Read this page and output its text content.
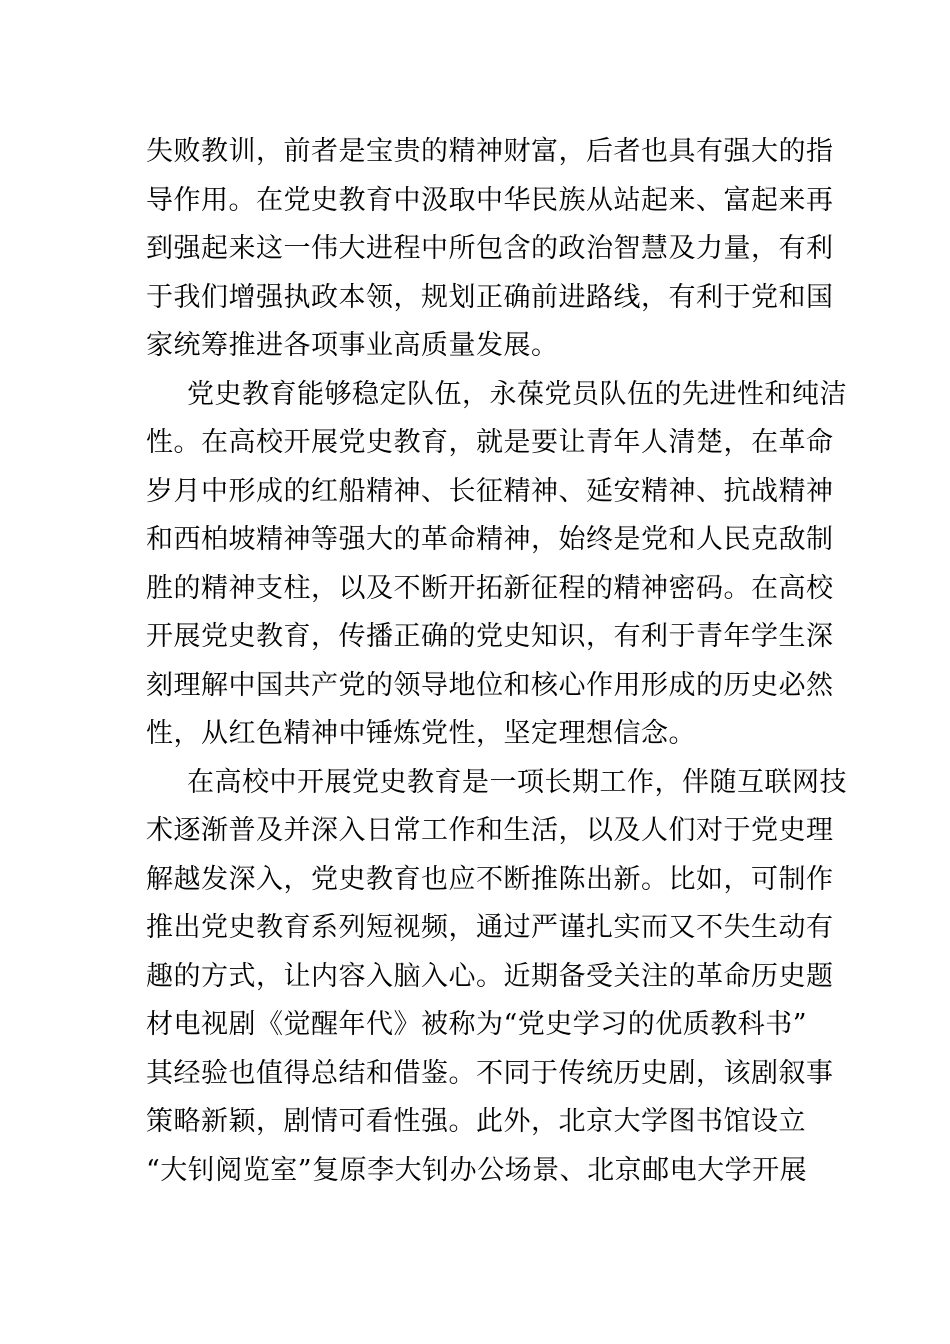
失败教训，前者是宝贵的精神财富，后者也具有强大的指
导作用。在党史教育中汲取中华民族从站起来、富起来再
到强起来这一伟大进程中所包含的政治智慧及力量，有利
于我们增强执政本领，规划正确前进路线，有利于党和国
家统筹推进各项事业高质量发展。

党史教育能够稳定队伍，永葆党员队伍的先进性和纯洁
性。在高校开展党史教育，就是要让青年人清楚，在革命
岁月中形成的红船精神、长征精神、延安精神、抗战精神
和西柏坡精神等强大的革命精神，始终是党和人民克敌制
胜的精神支柱，以及不断开拓新征程的精神密码。在高校
开展党史教育，传播正确的党史知识，有利于青年学生深
刻理解中国共产党的领导地位和核心作用形成的历史必然
性，从红色精神中锤炼党性，坚定理想信念。

在高校中开展党史教育是一项长期工作，伴随互联网技
术逐渐普及并深入日常工作和生活，以及人们对于党史理
解越发深入，党史教育也应不断推陈出新。比如，可制作
推出党史教育系列短视频，通过严谨扎实而又不失生动有
趣的方式，让内容入脑入心。近期备受关注的革命历史题
材电视剧《觉醒年代》被称为“党史学习的优质教科书”
其经验也值得总结和借鉴。不同于传统历史剧，该剧叙事
策略新颖，剧情可看性强。此外，北京大学图书馆设立
“大钊阅览室”复原李大钊办公场景、北京邮电大学开展
